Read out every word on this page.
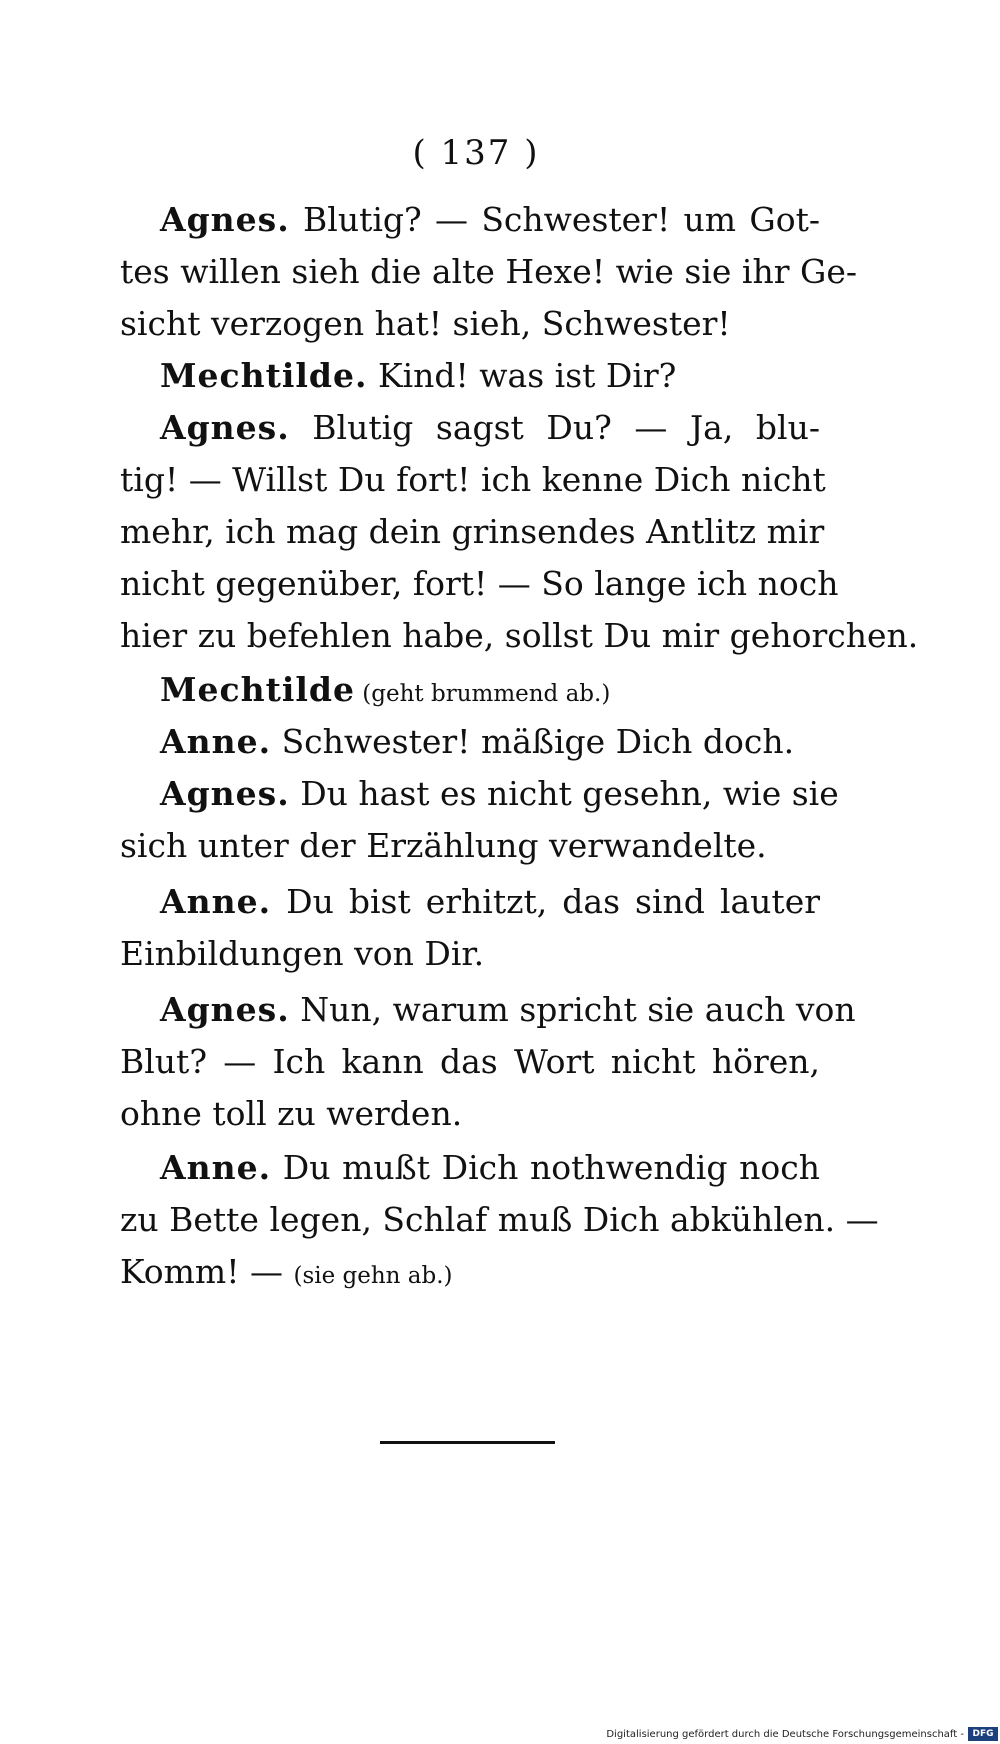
( 137 )
Agnes. Blutig? — Schwester! um Got-
tes willen sieh die alte Hexe! wie sie ihr Ge-
sicht verzogen hat! sieh, Schwester!
Mechtilde. Kind! was ist Dir?
Agnes. Blutig sagst Du? — Ja, blu-
tig! — Willst Du fort! ich kenne Dich nicht
mehr, ich mag dein grinsendes Antlitz mir
nicht gegenüber, fort! — So lange ich noch
hier zu befehlen habe, sollst Du mir gehorchen.
Mechtilde (geht brummend ab.)
Anne. Schwester! mäßige Dich doch.
Agnes. Du hast es nicht gesehn, wie sie
sich unter der Erzählung verwandelte.
Anne. Du bist erhitzt, das sind lauter
Einbildungen von Dir.
Agnes. Nun, warum spricht sie auch von
Blut? — Ich kann das Wort nicht hören,
ohne toll zu werden.
Anne. Du mußt Dich nothwendig noch
zu Bette legen, Schlaf muß Dich abkühlen. —
Komm! — (sie gehn ab.)
Digitalisierung gefördert durch die Deutsche Forschungsgemeinschaft - DFG
